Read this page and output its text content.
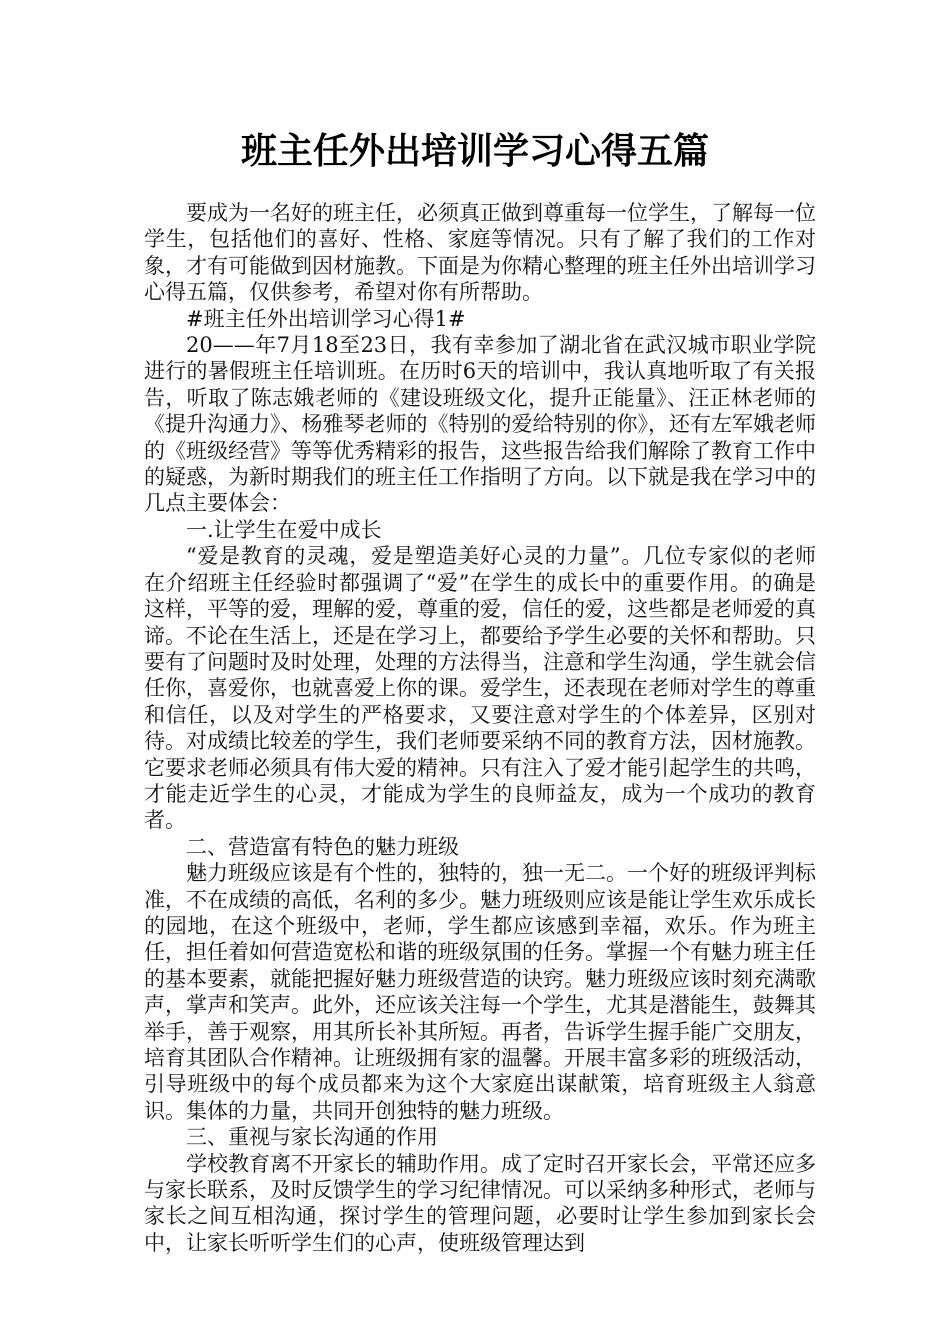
班主任外出培训学习心得五篇

要成为一名好的班主任，必须真正做到尊重每一位学生，了解每一位学生，包括他们的喜好、性格、家庭等情况。只有了解了我们的工作对象，才有可能做到因材施教。下面是为你精心整理的班主任外出培训学习心得五篇，仅供参考，希望对你有所帮助。

#班主任外出培训学习心得1#

20——年7月18至23日，我有幸参加了湖北省在武汉城市职业学院进行的暑假班主任培训班。在历时6天的培训中，我认真地听取了有关报告，听取了陈志娥老师的《建设班级文化，提升正能量》、汪正林老师的《提升沟通力》、杨雅琴老师的《特别的爱给特别的你》，还有左军娥老师的《班级经营》等等优秀精彩的报告，这些报告给我们解除了教育工作中的疑惑，为新时期我们的班主任工作指明了方向。以下就是我在学习中的几点主要体会：

一.让学生在爱中成长

“爱是教育的灵魂，爱是塑造美好心灵的力量”。几位专家似的老师在介绍班主任经验时都强调了“爱”在学生的成长中的重要作用。的确是这样，平等的爱，理解的爱，尊重的爱，信任的爱，这些都是老师爱的真谛。不论在生活上，还是在学习上，都要给予学生必要的关怀和帮助。只要有了问题时及时处理，处理的方法得当，注意和学生沟通，学生就会信任你，喜爱你，也就喜爱上你的课。爱学生，还表现在老师对学生的尊重和信任，以及对学生的严格要求，又要注意对学生的个体差异，区别对待。对成绩比较差的学生，我们老师要采纳不同的教育方法，因材施教。它要求老师必须具有伟大爱的精神。只有注入了爱才能引起学生的共鸣，才能走近学生的心灵，才能成为学生的良师益友，成为一个成功的教育者。

二、营造富有特色的魅力班级

魅力班级应该是有个性的，独特的，独一无二。一个好的班级评判标准，不在成绩的高低，名利的多少。魅力班级则应该是能让学生欢乐成长的园地，在这个班级中，老师，学生都应该感到幸福，欢乐。作为班主任，担任着如何营造宽松和谐的班级氛围的任务。掌握一个有魅力班主任的基本要素，就能把握好魅力班级营造的诀窍。魅力班级应该时刻充满歌声，掌声和笑声。此外，还应该关注每一个学生，尤其是潜能生，鼓舞其举手，善于观察，用其所长补其所短。再者，告诉学生握手能广交朋友，培育其团队合作精神。让班级拥有家的温馨。开展丰富多彩的班级活动，引导班级中的每个成员都来为这个大家庭出谋献策，培育班级主人翁意识。集体的力量，共同开创独特的魅力班级。

三、重视与家长沟通的作用

学校教育离不开家长的辅助作用。成了定时召开家长会，平常还应多与家长联系，及时反馈学生的学习纪律情况。可以采纳多种形式，老师与家长之间互相沟通，探讨学生的管理问题，必要时让学生参加到家长会中，让家长听听学生们的心声，使班级管理达到
